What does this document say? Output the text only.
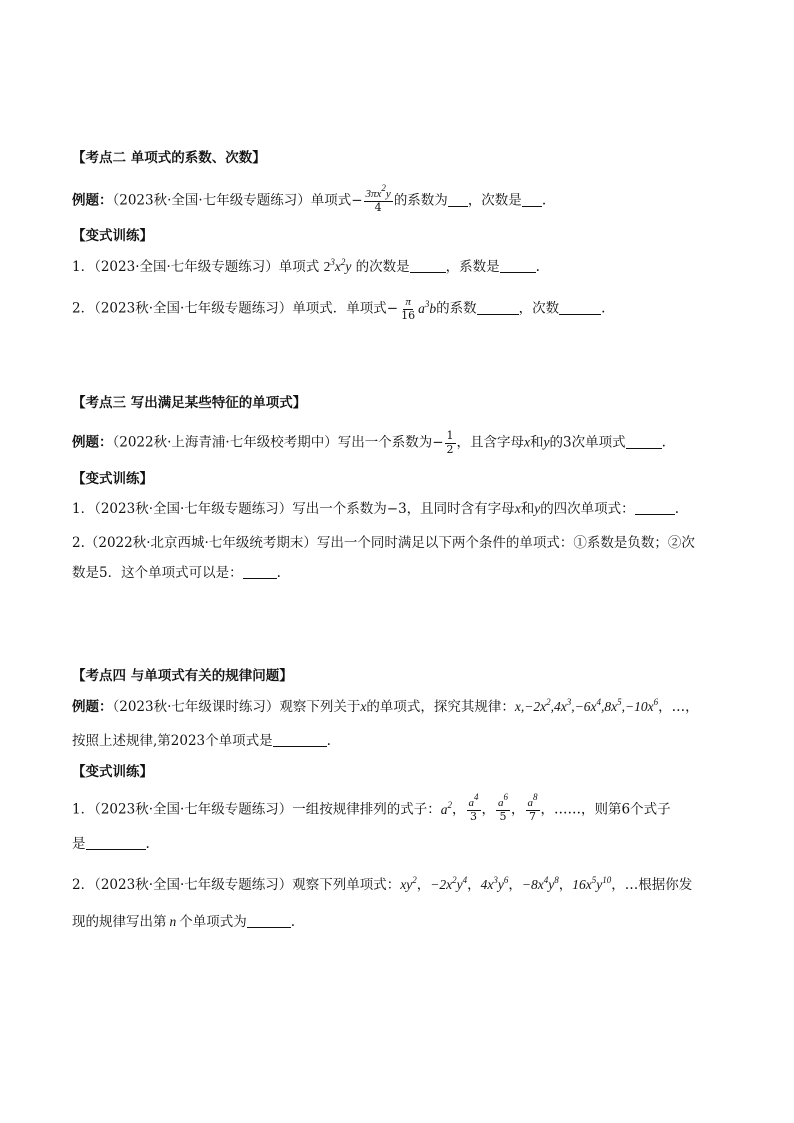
【考点二 单项式的系数、次数】
例题：（2023秋·全国·七年级专题练习）单项式− $\frac{3\pi x^2y}{4}$ 的系数为 ，次数是 .
【变式训练】
1．（2023·全国·七年级专题练习）单项式 $2^3x^2y$ 的次数是	，系数是	.
2．（2023秋·全国·七年级专题练习）单项式．单项式− $\frac{\pi}{16} a^3b$的系数	，次数	.
【考点三 写出满足某些特征的单项式】
例题：（2022秋·上海青浦·七年级校考期中）写出一个系数为− $\frac{1}{2}$ ，且含字母x和y的3次单项式	.
【变式训练】
1．（2023秋·全国·七年级专题练习）写出一个系数为−3，且同时含有字母x和y的四次单项式：	.
2.（2022秋·北京西城·七年级统考期末）写出一个同时满足以下两个条件的单项式：①系数是负数；②次
数是5．这个单项式可以是：	.
【考点四 与单项式有关的规律问题】
例题：（2023秋·七年级课时练习）观察下列关于x的单项式，探究其规律：$x,-2x^2,4x^3,-6x^4,8x^5,-10x^6$，…，
按照上述规律,第2023个单项式是	.
【变式训练】
1．（2023秋·全国·七年级专题练习）一组按规律排列的式子：$a^2$， $\frac{a^4}{3}$ ， $\frac{a^6}{5}$ ， $\frac{a^8}{7}$ ，……，则第6个式子
是	.
2．（2023秋·全国·七年级专题练习）观察下列单项式：$xy^2$，$-2x^2y^4$，$4x^3y^6$，$-8x^4y^8$，$16x^5y^{10}$，…根据你发
现的规律写出第 n 个单项式为	.
